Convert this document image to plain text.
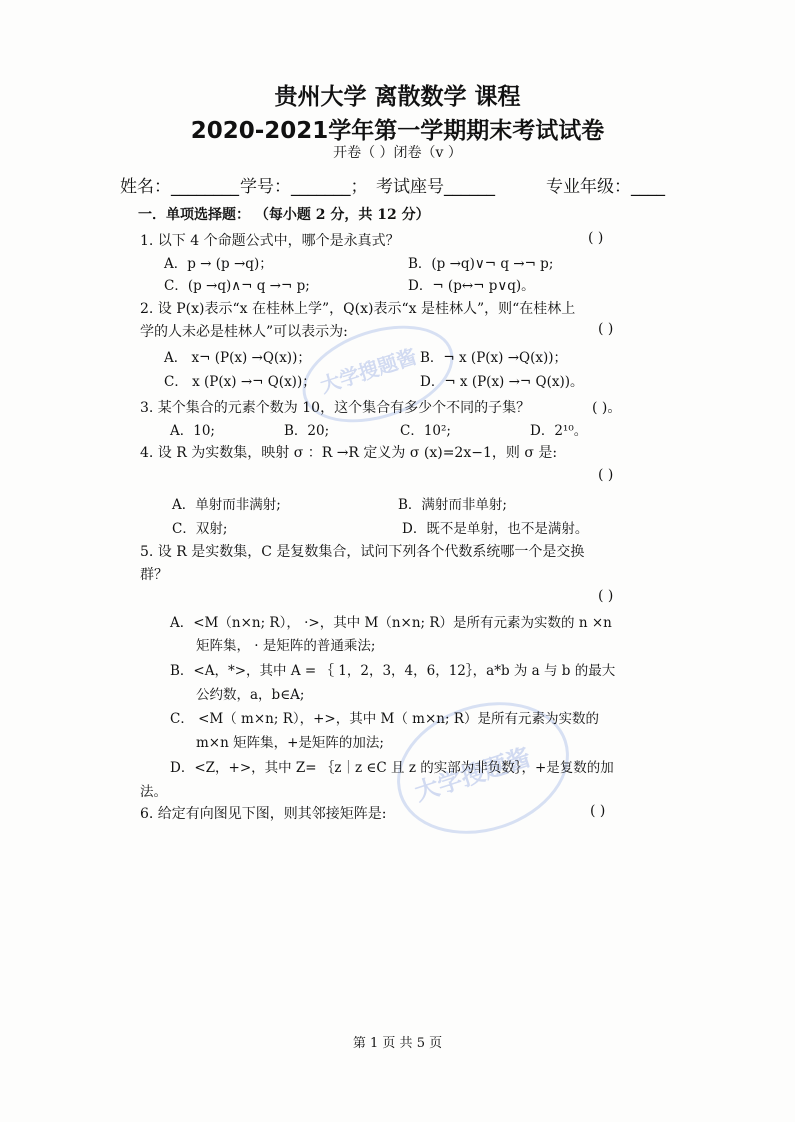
大学搜题酱
大学搜题酱
贵州大学 离散数学 课程
2020-2021学年第一学期期末考试试卷
开卷（ ）闭卷（v ）
姓名：________ 学号：_______； 考试座号______	专业年级：____
一．单项选择题： （每小题 2 分，共 12 分）
1. 以下 4 个命题公式中，哪个是永真式？	( )
A．p → (p →q)；	B．(p →q)∨¬ q →¬ p;
C．(p →q)∧¬ q →¬ p;	D．¬ (p↔¬ p∨q)。
2. 设 P(x)表示“x 在桂林上学”，Q(x)表示“x 是桂林人”，则“在桂林上
学的人未必是桂林人”可以表示为:	( )
A． x¬ (P(x) →Q(x))；	B．¬ x (P(x) →Q(x))；
C． x (P(x) →¬ Q(x))；	D．¬ x (P(x) →¬ Q(x))。
3. 某个集合的元素个数为 10，这个集合有多少个不同的子集？	( )。
A．10;	B．20;	C．10²;	D．2¹⁰。
4. 设 R 为实数集，映射 σ ：R →R 定义为 σ (x)=2x−1，则 σ 是:
( )
A．单射而非满射;	B．满射而非单射;
C．双射;	D．既不是单射，也不是满射。
5. 设 R 是实数集，C 是复数集合，试问下列各个代数系统哪一个是交换
群？
( )
A．<M（n×n; R）， ·>，其中 M（n×n; R）是所有元素为实数的 n ×n
矩阵集， · 是矩阵的普通乘法;
B．<A，*>，其中 A = ｛ 1，2，3，4，6，12｝，a*b 为 a 与 b 的最大
公约数，a，b∈A;
C． <M（ m×n; R），+>，其中 M（ m×n; R）是所有元素为实数的
m×n 矩阵集，+是矩阵的加法;
D．<Z，+>，其中 Z= ｛z｜z ∈C 且 z 的实部为非负数｝，+是复数的加
法。
6. 给定有向图见下图，则其邻接矩阵是:	( )
第 1 页 共 5 页
